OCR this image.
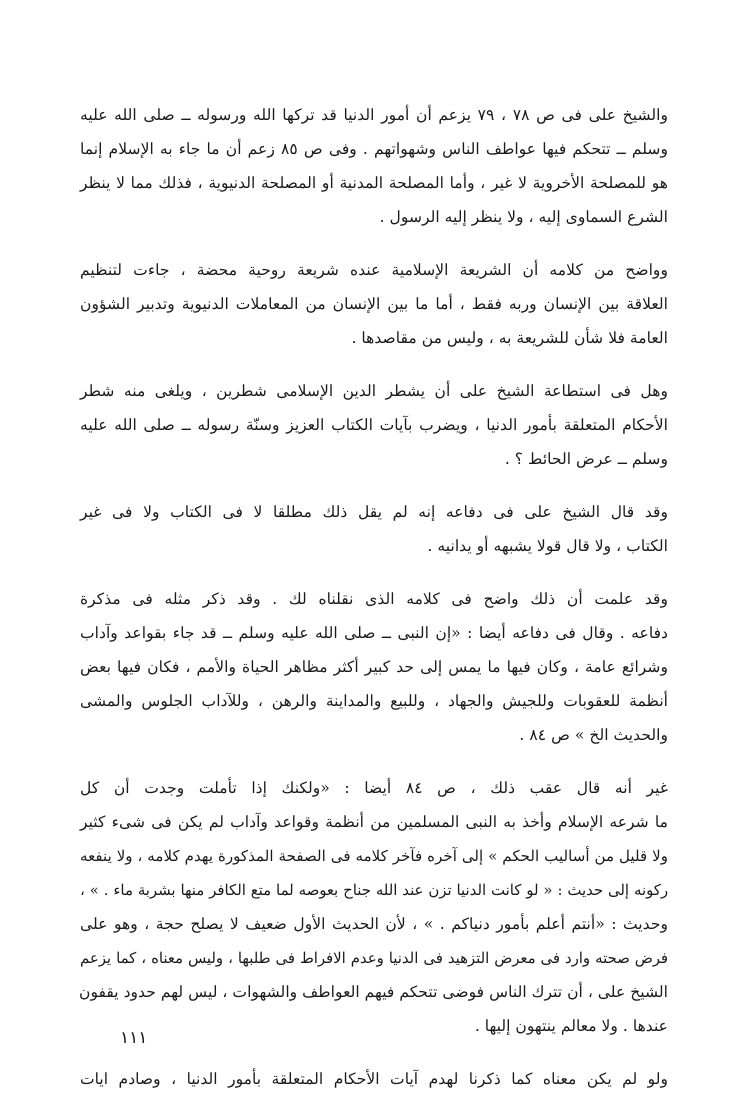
والشيخ على فى ص ٧٨ ، ٧٩ يزعم أن أمور الدنيا قد تركها الله ورسوله ــ صلى الله عليه

وسلم ــ تتحكم فيها عواطف الناس وشهواتهم . وفى ص ٨٥ زعم أن ما جاء به الإسلام إنما

هو للمصلحة الأخروية لا غير ، وأما المصلحة المدنية أو المصلحة الدنيوية ، فذلك مما لا ينظر

الشرع السماوى إليه ، ولا ينظر إليه الرسول .

وواضح من كلامه أن الشريعة الإسلامية عنده شريعة روحية محضة ، جاءت لتنظيم

العلاقة بين الإنسان وربه فقط ، أما ما بين الإنسان من المعاملات الدنيوية وتدبير الشؤون

العامة فلا شأن للشريعة به ، وليس من مقاصدها .

وهل فى استطاعة الشيخ على أن يشطر الدين الإسلامى شطرين ، ويلغى منه شطر

الأحكام المتعلقة بأمور الدنيا ، ويضرب بآيات الكتاب العزيز وسنّة رسوله ــ صلى الله عليه

وسلم ــ عرض الحائط ؟ .

وقد قال الشيخ على فى دفاعه إنه لم يقل ذلك مطلقا لا فى الكتاب ولا فى غير

الكتاب ، ولا قال قولا يشبهه أو يدانيه .

وقد علمت أن ذلك واضح فى كلامه الذى نقلناه لك . وقد ذكر مثله فى مذكرة

دفاعه . وقال فى دفاعه أيضا : «إن النبى ــ صلى الله عليه وسلم ــ قد جاء بقواعد وآداب

وشرائع عامة ، وكان فيها ما يمس إلى حد كبير أكثر مظاهر الحياة والأمم ، فكان فيها بعض

أنظمة للعقوبات وللجيش والجهاد ، وللبيع والمداينة والرهن ، وللآداب الجلوس والمشى

والحديث الخ » ص ٨٤ .

غير أنه قال عقب ذلك ، ص ٨٤ أيضا : «ولكنك إذا تأملت وجدت أن كل

ما شرعه الإسلام وأخذ به النبى المسلمين من أنظمة وقواعد وآداب لم يكن فى شىء كثير

ولا قليل من أساليب الحكم » إلى آخره فآخر كلامه فى الصفحة المذكورة يهدم كلامه ، ولا ينفعه

ركونه إلى حديث : « لو كانت الدنيا تزن عند الله جناح بعوصه لما متع الكافر منها بشربة ماء . » ،

وحديث : «أنتم أعلم بأمور دنياكم . » ، لأن الحديث الأول ضعيف لا يصلح حجة ، وهو على

فرض صحته وارد فى معرض التزهيد فى الدنيا وعدم الافراط فى طلبها ، وليس معناه ، كما يزعم

الشيخ على ، أن تترك الناس فوضى تتحكم فيهم العواطف والشهوات ، ليس لهم حدود يقفون

عندها . ولا معالم ينتهون إليها .

ولو لم يكن معناه كما ذكرنا لهدم آيات الأحكام المتعلقة بأمور الدنيا ، وصادم ايات

١١١
